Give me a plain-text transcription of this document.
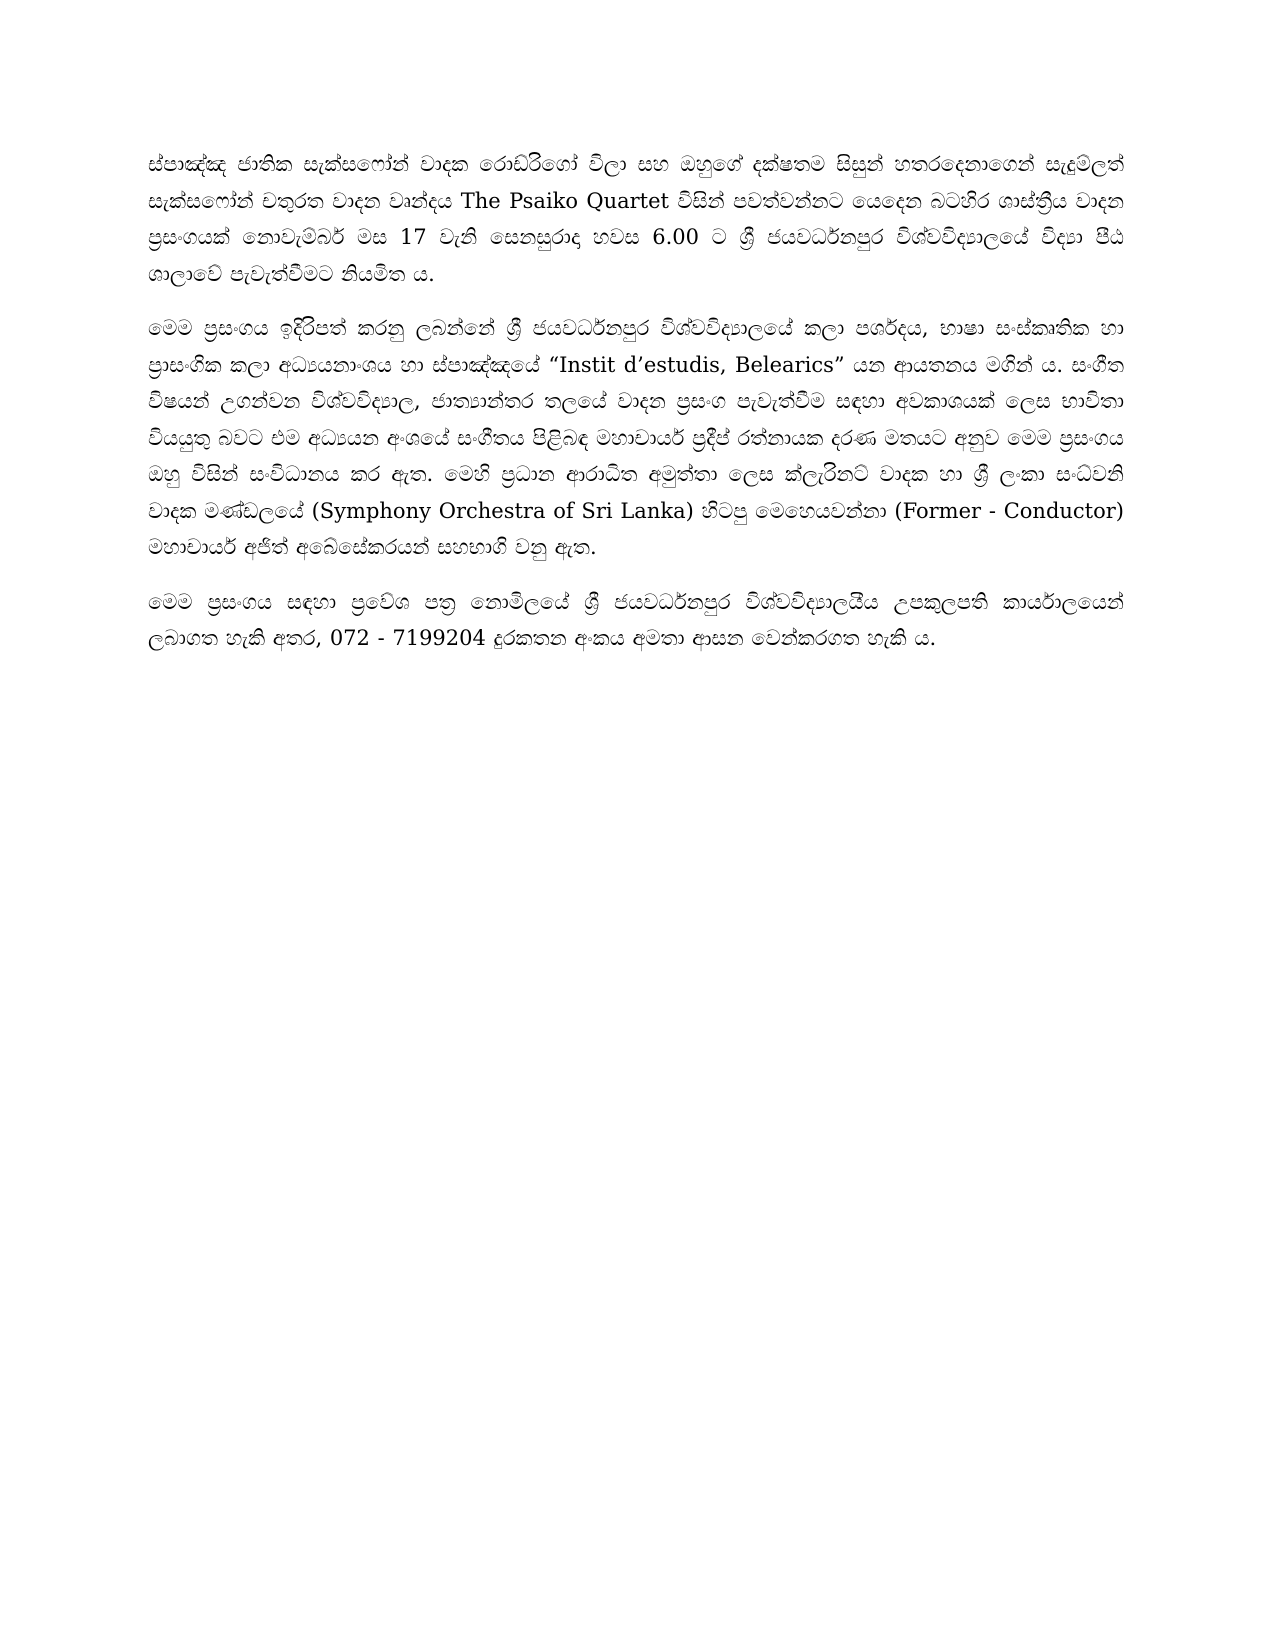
ස්පාඤ්ඤ ජාතික සැක්සෆෝන් වාදක රොඩ්රිගෝ විලා සහ ඔහුගේ දක්ෂතම සිසුන් හතරදෙනාගෙන් සැදුම්ලත් සැක්සෆෝන් චතුරත වාදන වෘන්දය The Psaiko Quartet විසින් පවත්වන්නට යෙදෙන බටහිර ශාස්ත්‍රීය වාදන ප්‍රසංගයක් නොවැම්බර් මස 17 වැනි සෙනසුරාදා හවස 6.00 ට ශ්‍රී ජයවර්ධනපුර විශ්වවිද්‍යාලයේ විද්‍යා පීඨ ශාලාවේ පැවැත්වීමට නියමිත ය.

මෙම ප්‍රසංගය ඉදිරිපත් කරනු ලබන්නේ ශ්‍රී ජයවර්ධනපුර විශ්වවිද්‍යාලයේ කලා පර්ශදය, භාෂා සංස්කෘතික හා ප්‍රාසංගික කලා අධ්‍යයනාංශය හා ස්පාඤ්ඤයේ “Instit d’estudis, Belearics” යන ආයතනය මගින් ය. සංගීත විෂයන් උගන්වන විශ්වවිද්‍යාල, ජාත්‍යාන්තර තලයේ වාදන ප්‍රසංග පැවැත්වීම සඳහා අවකාශයක් ලෙස භාවිතා වියයුතු බවට එම අධ්‍යයන අංශයේ සංගීතය පිළිබඳ මහාචාර්ය ප්‍රදීප් රත්නායක දරණ මතයට අනුව මෙම ප්‍රසංගය ඔහු විසින් සංවිධානය කර ඇත. මෙහි ප්‍රධාන ආරාධිත අමුත්තා ලෙස ක්ලැරිනට් වාදක හා ශ්‍රී ලංකා සංධ්වනි වාදක මණ්ඩලයේ (Symphony Orchestra of Sri Lanka) හිටපු මෙහෙයවන්නා (Former - Conductor) මහාචාර්ය අජිත් අබේසේකරයන් සහභාගි වනු ඇත.

මෙම ප්‍රසංගය සඳහා ප්‍රවේශ පත්‍ර නොමිලයේ ශ්‍රී ජයවර්ධනපුර විශ්වවිද්‍යාලයීය උපකුලපති කාර්යාලයෙන් ලබාගත හැකි අතර, 072 - 7199204 දුරකතන අංකය අමතා ආසන වෙන්කරගත හැකි ය.
